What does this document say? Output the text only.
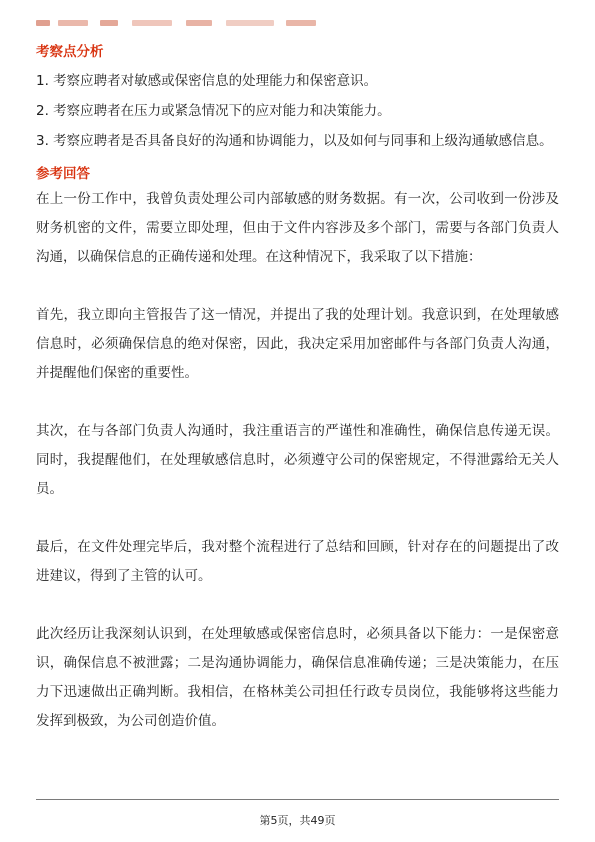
考察点分析
1. 考察应聘者对敏感或保密信息的处理能力和保密意识。
2. 考察应聘者在压力或紧急情况下的应对能力和决策能力。
3. 考察应聘者是否具备良好的沟通和协调能力，以及如何与同事和上级沟通敏感信息。
参考回答

在上一份工作中，我曾负责处理公司内部敏感的财务数据。有一次，公司收到一份涉及财务机密的文件，需要立即处理，但由于文件内容涉及多个部门，需要与各部门负责人沟通，以确保信息的正确传递和处理。在这种情况下，我采取了以下措施：

首先，我立即向主管报告了这一情况，并提出了我的处理计划。我意识到，在处理敏感信息时，必须确保信息的绝对保密，因此，我决定采用加密邮件与各部门负责人沟通，并提醒他们保密的重要性。

其次，在与各部门负责人沟通时，我注重语言的严谨性和准确性，确保信息传递无误。同时，我提醒他们，在处理敏感信息时，必须遵守公司的保密规定，不得泄露给无关人员。

最后，在文件处理完毕后，我对整个流程进行了总结和回顾，针对存在的问题提出了改进建议，得到了主管的认可。

此次经历让我深刻认识到，在处理敏感或保密信息时，必须具备以下能力：一是保密意识，确保信息不被泄露；二是沟通协调能力，确保信息准确传递；三是决策能力，在压力下迅速做出正确判断。我相信，在格林美公司担任行政专员岗位，我能够将这些能力发挥到极致，为公司创造价值。

第5页，共49页
